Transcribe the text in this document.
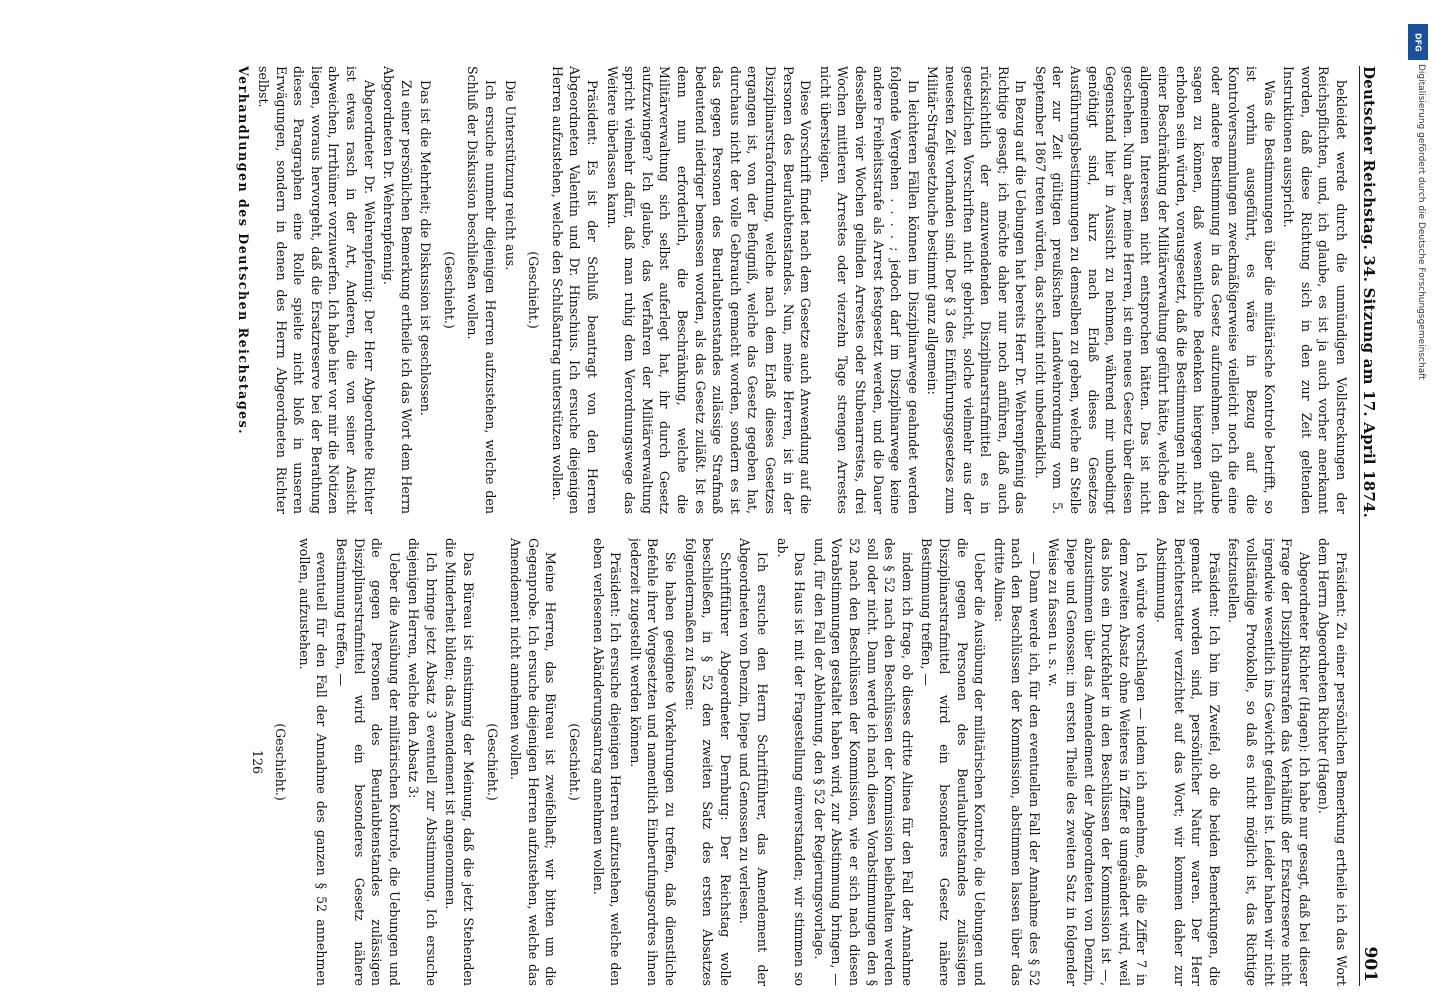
Deutscher Reichstag. 34. Sitzung am 17. April 1874.
901

bekleidet werde durch die unmündigen Vollstreckungen der Reichspflichten, und, ich glaube, es ist ja auch vorher anerkannt worden, daß diese Richtung sich in den zur Zeit geltenden Instruktionen ausspricht.

Was die Bestimmungen über die militärische Kontrole betrifft, so ist vorhin ausgeführt, es wäre in Bezug auf die Kontrolversammlungen zweckmäßigerweise vielleicht noch die eine oder andere Bestimmung in das Gesetz aufzunehmen. Ich glaube sagen zu können, daß wesentliche Bedenken hiergegen nicht erhoben sein würden, vorausgesetzt, daß die Bestimmungen nicht zu einer Beschränkung der Militärverwaltung geführt hätte, welche den allgemeinen Interessen nicht entsprochen hätten. Das ist nicht geschehen. Nun aber, meine Herren, ist ein neues Gesetz über diesen Gegenstand hier in Aussicht zu nehmen, während mir unbedingt genöthigt sind, kurz nach Erlaß dieses Gesetzes Ausführungsbestimmungen zu demselben zu geben, welche an Stelle der zur Zeit gültigen preußischen Landwehrordnung vom 5. September 1867 treten würden, das scheint nicht unbedenklich.

In Bezug auf die Uebungen hat bereits Herr Dr. Wehrenpfennig das Richtige gesagt; ich möchte daher nur noch anführen, daß auch rücksichtlich der anzuwendenden Disziplinarstrafmittel es in gesetzlichen Vorschriften nicht gebricht, solche vielmehr aus der neuesten Zeit vorhanden sind. Der § 3 des Einführungsgesetzes zum Militär-Strafgesetzbuche bestimmt ganz allgemein:

In leichteren Fällen können im Disziplinarwege geahndet werden folgende Vergehen . . . . ; jedoch darf im Disziplinarwege keine andere Freiheitsstrafe als Arrest festgesetzt werden, und die Dauer desselben vier Wochen gelinden Arrestes oder Stubenarrestes, drei Wochen mittleren Arrestes oder vierzehn Tage strengen Arrestes nicht übersteigen.

Diese Vorschrift findet nach dem Gesetze auch Anwendung auf die Personen des Beurlaubtenstandes. Nun, meine Herren, ist in der Disziplinarstrafordnung, welche nach dem Erlaß dieses Gesetzes ergangen ist, von der Befugniß, welche das Gesetz gegeben hat, durchaus nicht der volle Gebrauch gemacht worden, sondern es ist das gegen Personen des Beurlaubtenstandes zulässige Strafmaß bedeutend niedriger bemessen worden, als das Gesetz zuläßt. Ist es denn nun erforderlich, die Beschränkung, welche die Militärverwaltung sich selbst auferlegt hat, ihr durch Gesetz aufzuzwingen? Ich glaube, das Verfahren der Militärverwaltung spricht vielmehr dafür, daß man ruhig dem Verordnungswege das Weitere überlassen kann.

Präsident: Es ist der Schluß beantragt von den Herren Abgeordneten Valentin und Dr. Hinschius. Ich ersuche diejenigen Herren aufzustehen, welche den Schlußantrag unterstützen wollen.

(Geschieht.)

Die Unterstützung reicht aus.

Ich ersuche nunmehr diejenigen Herren aufzustehen, welche den Schluß der Diskussion beschließen wollen.

(Geschieht.)

Das ist die Mehrheit; die Diskussion ist geschlossen.

Zu einer persönlichen Bemerkung ertheile ich das Wort dem Herrn Abgeordneten Dr. Wehrenpfennig.

Abgeordneter Dr. Wehrenpfennig: Der Herr Abgeordnete Richter ist etwas rasch in der Art, Anderen, die von seiner Ansicht abweichen, Irrthümer vorzuwerfen. Ich habe hier vor mir die Notizen liegen, woraus hervorgeht, daß die Ersatzreserve bei der Berathung dieses Paragraphen eine Rolle spielte nicht bloß in unseren Erwägungen, sondern in denen des Herrn Abgeordneten Richter selbst.

Verhandlungen des Deutschen Reichstages.

Präsident: Zu einer persönlichen Bemerkung ertheile ich das Wort dem Herrn Abgeordneten Richter (Hagen).

Abgeordneter Richter (Hagen): Ich habe nur gesagt, daß bei dieser Frage der Disziplinarstrafen das Verhältniß der Ersatzreserve nicht irgendwie wesentlich ins Gewicht gefallen ist. Leider haben wir nicht vollständige Protokolle, so daß es nicht möglich ist, das Richtige festzustellen.

Präsident: Ich bin im Zweifel, ob die beiden Bemerkungen, die gemacht worden sind, persönlicher Natur waren. Der Herr Berichterstatter verzichtet auf das Wort; wir kommen daher zur Abstimmung.

Ich würde vorschlagen — indem ich annehme, daß die Ziffer 7 in dem zweiten Absatz ohne Weiteres in Ziffer 8 umgeändert wird, weil das blos ein Druckfehler in den Beschlüssen der Kommission ist —, abzustimmen über das Amendement der Abgeordneten von Denzin, Diepe und Genossen: im ersten Theile des zweiten Satz in folgender Weise zu fassen u. s. w.

— Dann werde ich, für den eventuellen Fall der Annahme des § 52 nach den Beschlüssen der Kommission, abstimmen lassen über das dritte Alinea:

Ueber die Ausübung der militärischen Kontrole, die Uebungen und die gegen Personen des Beurlaubtenstandes zulässigen Disziplinarstrafmittel wird ein besonderes Gesetz nähere Bestimmung treffen, —

indem ich frage, ob dieses dritte Alinea für den Fall der Annahme des § 52 nach den Beschlüssen der Kommission beibehalten werden soll oder nicht. Dann werde ich nach diesen Vorabstimmungen den § 52 nach den Beschlüssen der Kommission, wie er sich nach diesen Vorabstimmungen gestaltet haben wird, zur Abstimmung bringen, — und, für den Fall der Ablehnung, den § 52 der Regierungsvorlage.

Das Haus ist mit der Fragestellung einverstanden; wir stimmen so ab.

Ich ersuche den Herrn Schriftführer, das Amendement der Abgeordneten von Denzin, Diepe und Genossen zu verlesen.

Schriftführer Abgeordneter Dernburg: Der Reichstag wolle beschließen, in § 52 den zweiten Satz des ersten Absatzes folgendermaßen zu fassen:

Sie haben geeignete Vorkehrungen zu treffen, daß dienstliche Befehle ihrer Vorgesetzten und namentlich Einberufungsordres ihnen jederzeit zugestellt werden können.

Präsident: Ich ersuche diejenigen Herren aufzustehen, welche den eben verlesenen Abänderungsantrag annehmen wollen.

(Geschieht.)

Meine Herren, das Büreau ist zweifelhaft; wir bitten um die Gegenprobe. Ich ersuche diejenigen Herren aufzustehen, welche das Amendement nicht annehmen wollen.

(Geschieht.)

Das Büreau ist einstimmig der Meinung, daß die jetzt Stehenden die Minderheit bilden; das Amendement ist angenommen.

Ich bringe jetzt Absatz 3 eventuell zur Abstimmung. Ich ersuche diejenigen Herren, welche den Absatz 3:

Ueber die Ausübung der militärischen Kontrole, die Uebungen und die gegen Personen des Beurlaubtenstandes zulässigen Disziplinarstrafmittel wird ein besonderes Gesetz nähere Bestimmung treffen, —

eventuell für den Fall der Annahme des ganzen § 52 annehmen wollen, aufzustehen.

(Geschieht.)

126

DFG
Digitalisierung gefördert durch die Deutsche Forschungsgemeinschaft
